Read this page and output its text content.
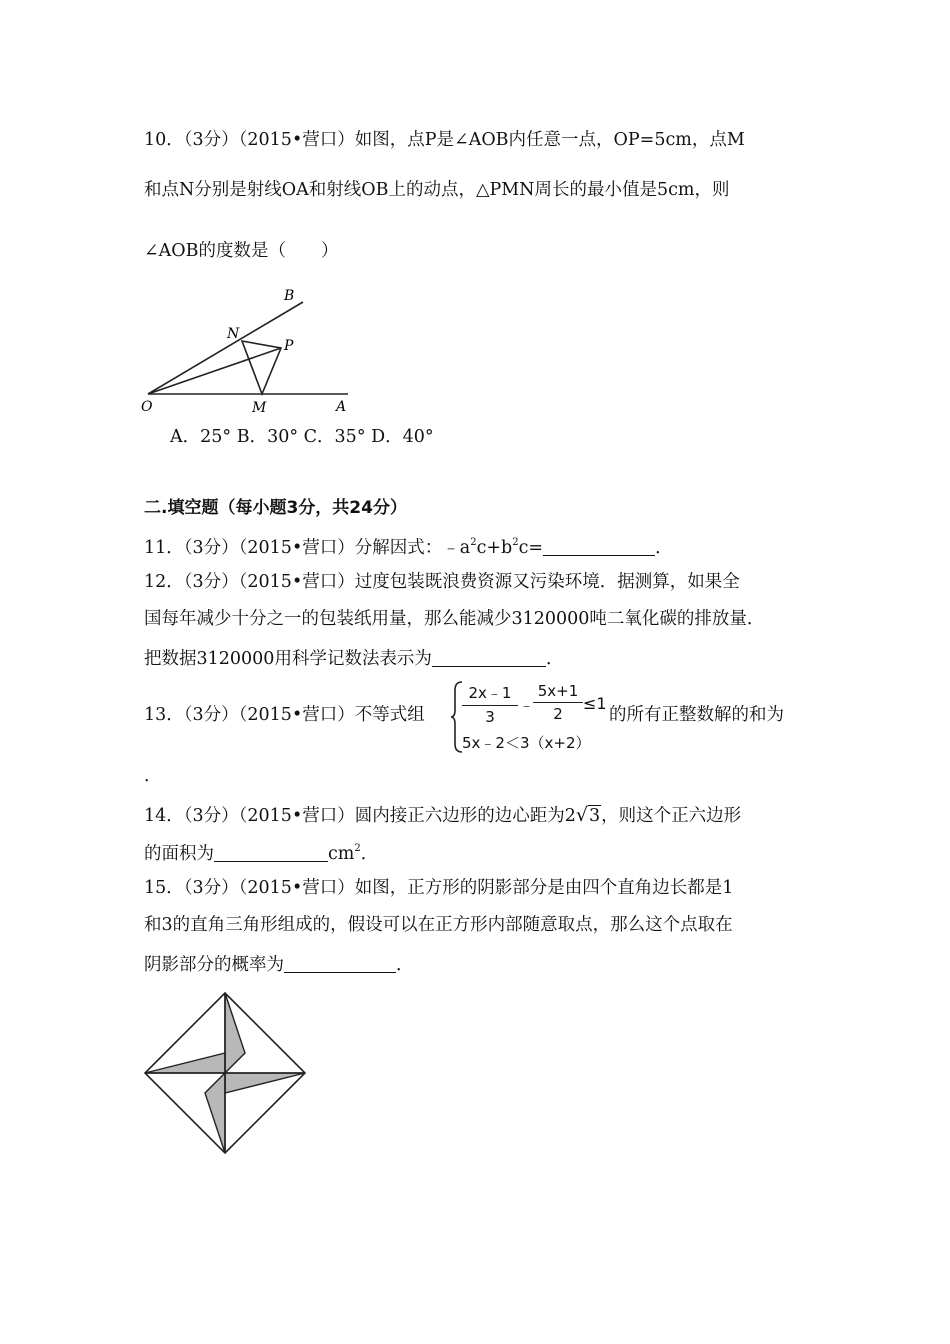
10．（3分）（2015•营口）如图，点P是∠AOB内任意一点，OP=5cm，点M
和点N分别是射线OA和射线OB上的动点，△PMN周长的最小值是5cm，则
∠AOB的度数是（　　）
B
N
P
O	M	A
A．25° B．30° C．35° D．40°
二.填空题（每小题3分，共24分）
11．（3分）（2015•营口）分解因式：$﹣a^2c+b^2c=$	．
12．（3分）（2015•营口）过度包装既浪费资源又污染环境．据测算，如果全
国每年减少十分之一的包装纸用量，那么能减少3120000吨二氧化碳的排放量．
把数据3120000用科学记数法表示为	．
13．（3分）（2015•营口）不等式组 $\frac{2x﹣1}{3}$ ﹣
$\frac{5x+1}{2} \le 1$
5x﹣2＜3（x+2）
的所有正整数解的和为
．
14．（3分）（2015•营口）圆内接正六边形的边心距为2√3，则这个正六边形
的面积为	$cm^2$．
15．（3分）（2015•营口）如图，正方形的阴影部分是由四个直角边长都是1
和3的直角三角形组成的，假设可以在正方形内部随意取点，那么这个点取在
阴影部分的概率为	．
